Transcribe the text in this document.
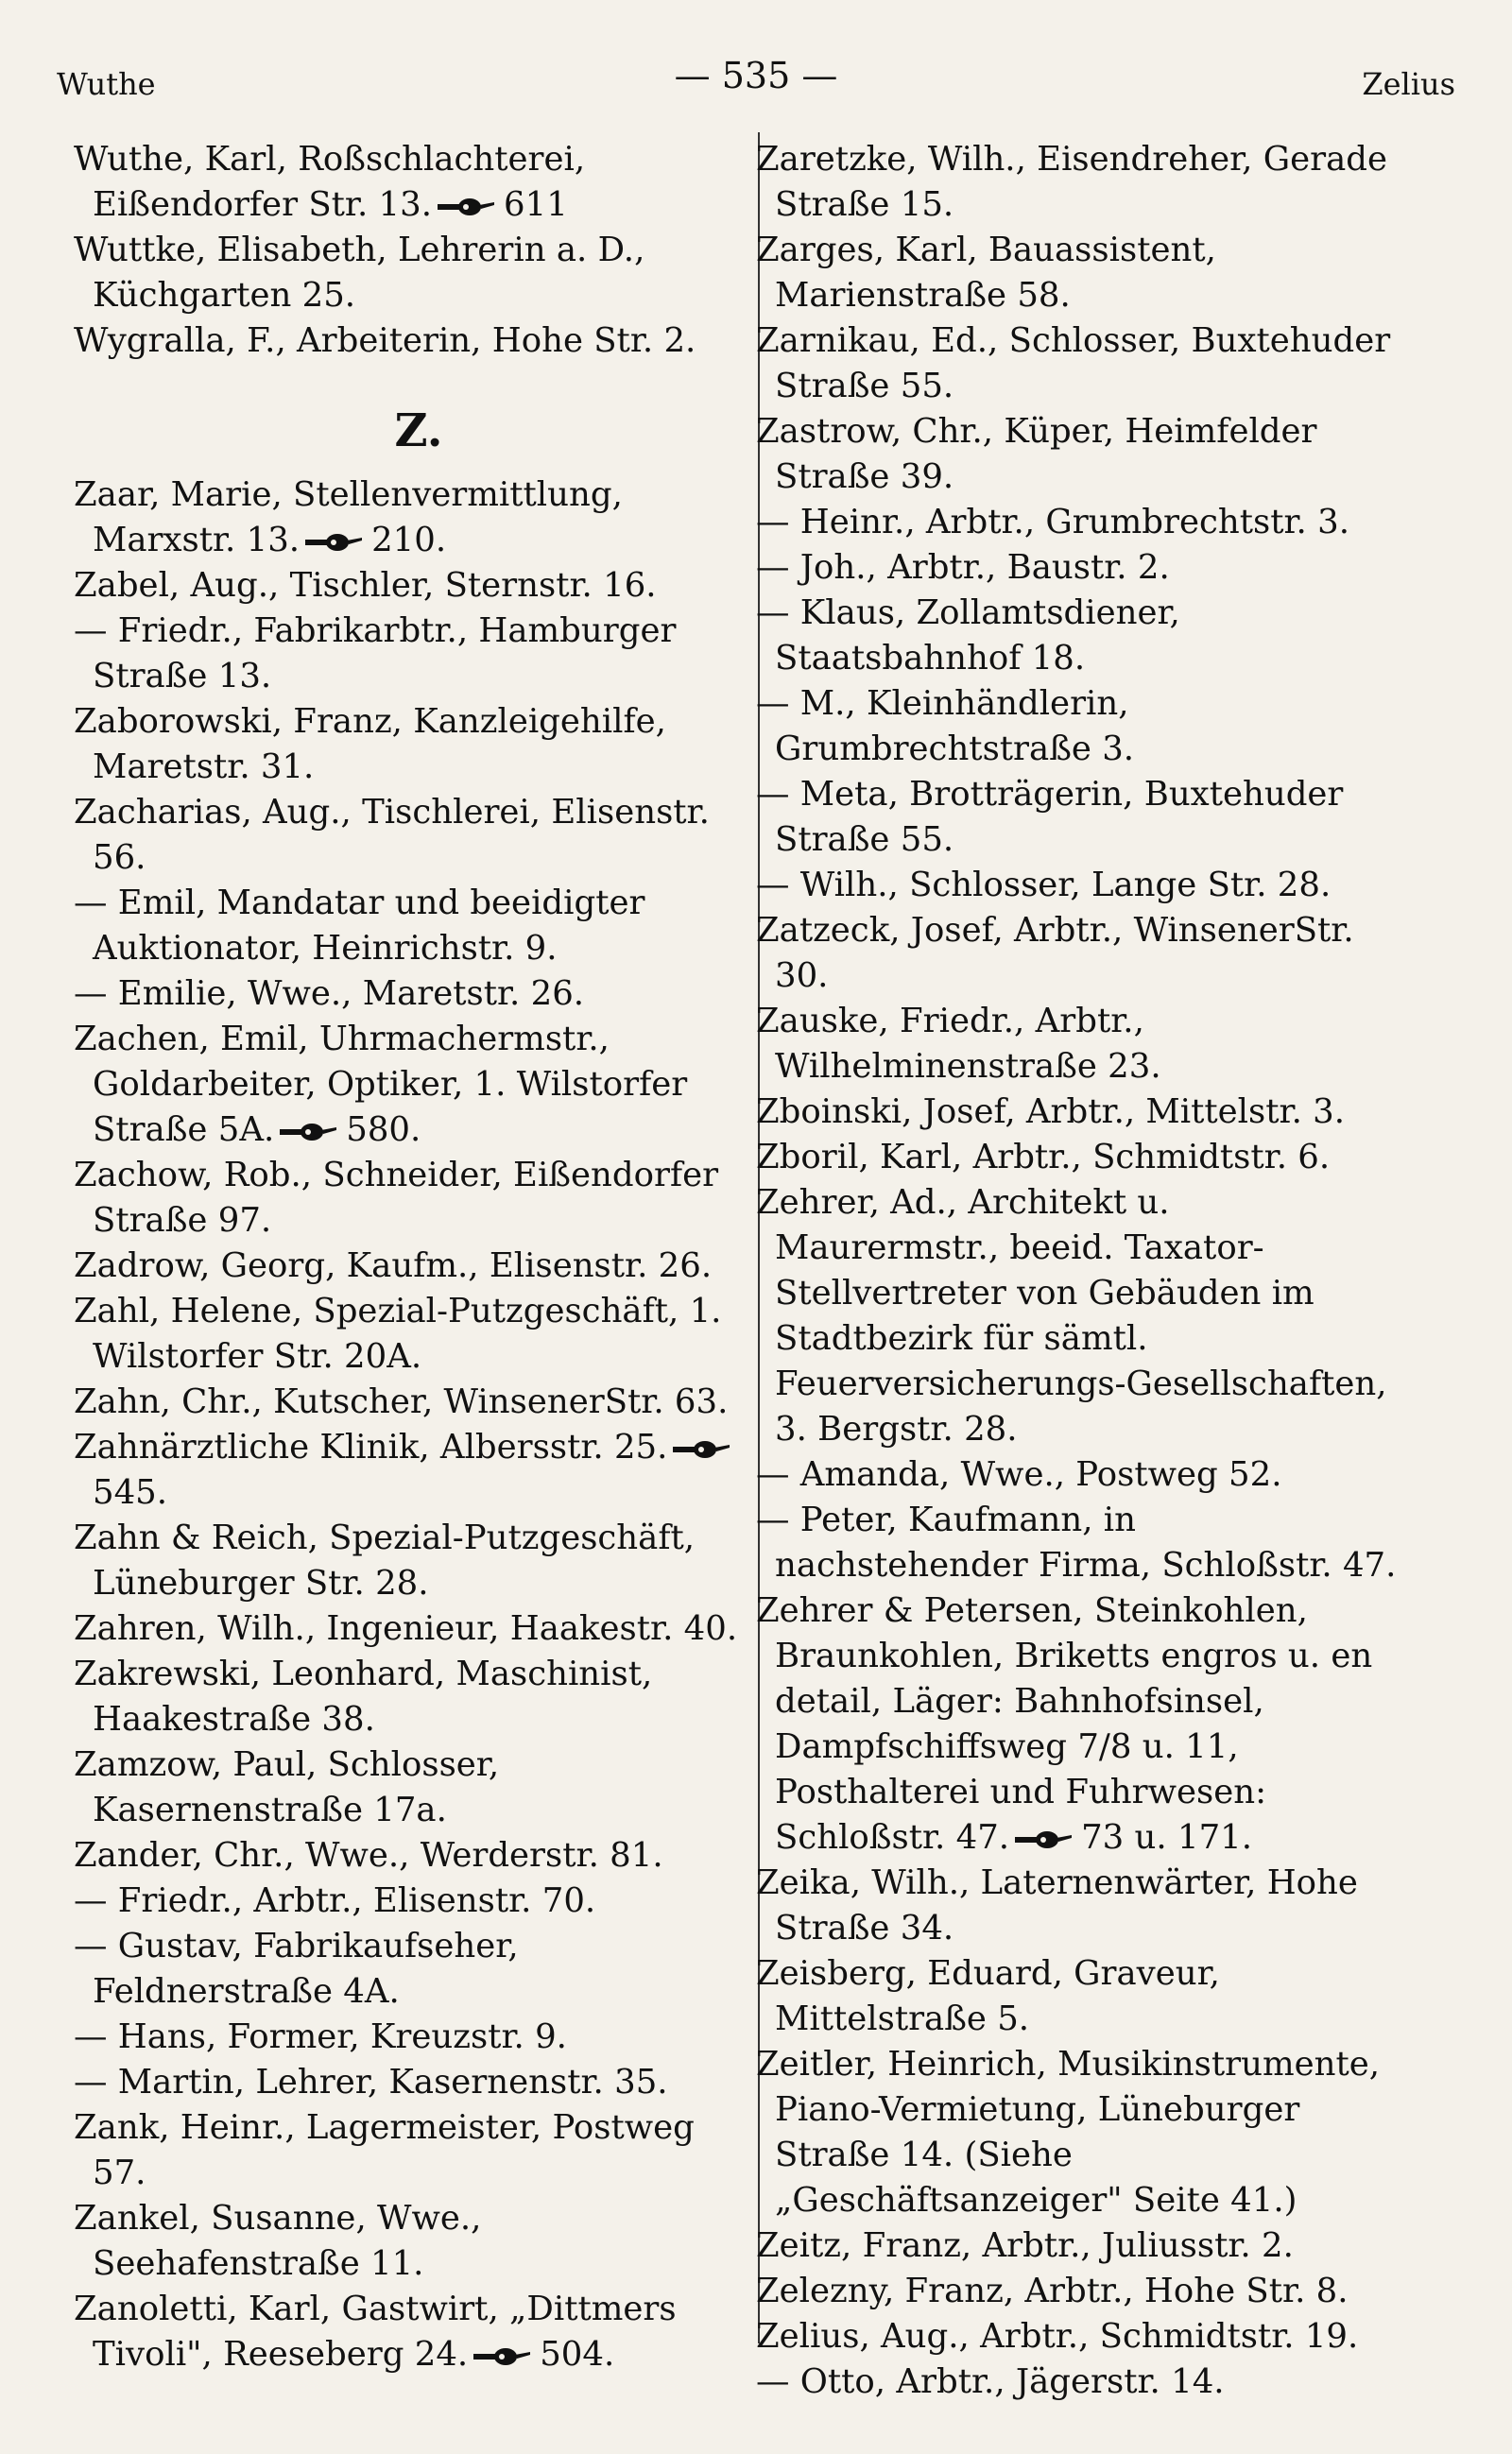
Wuthe	— 535 —	Zelius
Wuthe, Karl, Roßschlachterei, Eißendorfer Str. 13. 611
Wuttke, Elisabeth, Lehrerin a. D., Küchgarten 25.
Wygralla, F., Arbeiterin, Hohe Str. 2.
Z.
Zaar, Marie, Stellenvermittlung, Marxstr. 13. 210.
Zabel, Aug., Tischler, Sternstr. 16.
— Friedr., Fabrikarbtr., Hamburger Straße 13.
Zaborowski, Franz, Kanzleigehilfe, Maretstr. 31.
Zacharias, Aug., Tischlerei, Elisenstr. 56.
— Emil, Mandatar und beeidigter Auktionator, Heinrichstr. 9.
— Emilie, Wwe., Maretstr. 26.
Zachen, Emil, Uhrmachermstr., Goldarbeiter, Optiker, 1. Wilstorfer Straße 5A. 580.
Zachow, Rob., Schneider, Eißendorfer Straße 97.
Zadrow, Georg, Kaufm., Elisenstr. 26.
Zahl, Helene, Spezial-Putzgeschäft, 1. Wilstorfer Str. 20A.
Zahn, Chr., Kutscher, WinsenerStr. 63.
Zahnärztliche Klinik, Albersstr. 25.
545.
Zahn & Reich, Spezial-Putzgeschäft, Lüneburger Str. 28.
Zahren, Wilh., Ingenieur, Haakestr. 40.
Zakrewski, Leonhard, Maschinist, Haakestraße 38.
Zamzow, Paul, Schlosser, Kasernenstraße 17a.
Zander, Chr., Wwe., Werderstr. 81.
— Friedr., Arbtr., Elisenstr. 70.
— Gustav, Fabrikaufseher, Feldnerstraße 4A.
— Hans, Former, Kreuzstr. 9.
— Martin, Lehrer, Kasernenstr. 35.
Zank, Heinr., Lagermeister, Postweg 57.
Zankel, Susanne, Wwe., Seehafenstraße 11.
Zanoletti, Karl, Gastwirt, „Dittmers Tivoli", Reeseberg 24. 504.
Zaretzke, Wilh., Eisendreher, Gerade Straße 15.
Zarges, Karl, Bauassistent, Marienstraße 58.
Zarnikau, Ed., Schlosser, Buxtehuder Straße 55.
Zastrow, Chr., Küper, Heimfelder Straße 39.
— Heinr., Arbtr., Grumbrechtstr. 3.
— Joh., Arbtr., Baustr. 2.
— Klaus, Zollamtsdiener, Staatsbahnhof 18.
— M., Kleinhändlerin, Grumbrechtstraße 3.
— Meta, Brotträgerin, Buxtehuder Straße 55.
— Wilh., Schlosser, Lange Str. 28.
Zatzeck, Josef, Arbtr., WinsenerStr. 30.
Zauske, Friedr., Arbtr., Wilhelminenstraße 23.
Zboinski, Josef, Arbtr., Mittelstr. 3.
Zboril, Karl, Arbtr., Schmidtstr. 6.
Zehrer, Ad., Architekt u. Maurermstr., beeid. Taxator-Stellvertreter von Gebäuden im Stadtbezirk für sämtl. Feuerversicherungs-Gesellschaften, 3. Bergstr. 28.
— Amanda, Wwe., Postweg 52.
— Peter, Kaufmann, in nachstehender Firma, Schloßstr. 47.
Zehrer & Petersen, Steinkohlen, Braunkohlen, Briketts engros u. en detail, Läger: Bahnhofsinsel, Dampfschiffsweg 7/8 u. 11, Posthalterei und Fuhrwesen: Schloßstr. 47. 73 u. 171.
Zeika, Wilh., Laternenwärter, Hohe Straße 34.
Zeisberg, Eduard, Graveur, Mittelstraße 5.
Zeitler, Heinrich, Musikinstrumente, Piano-Vermietung, Lüneburger Straße 14. (Siehe „Geschäftsanzeiger" Seite 41.)
Zeitz, Franz, Arbtr., Juliusstr. 2.
Zelezny, Franz, Arbtr., Hohe Str. 8.
Zelius, Aug., Arbtr., Schmidtstr. 19.
— Otto, Arbtr., Jägerstr. 14.
